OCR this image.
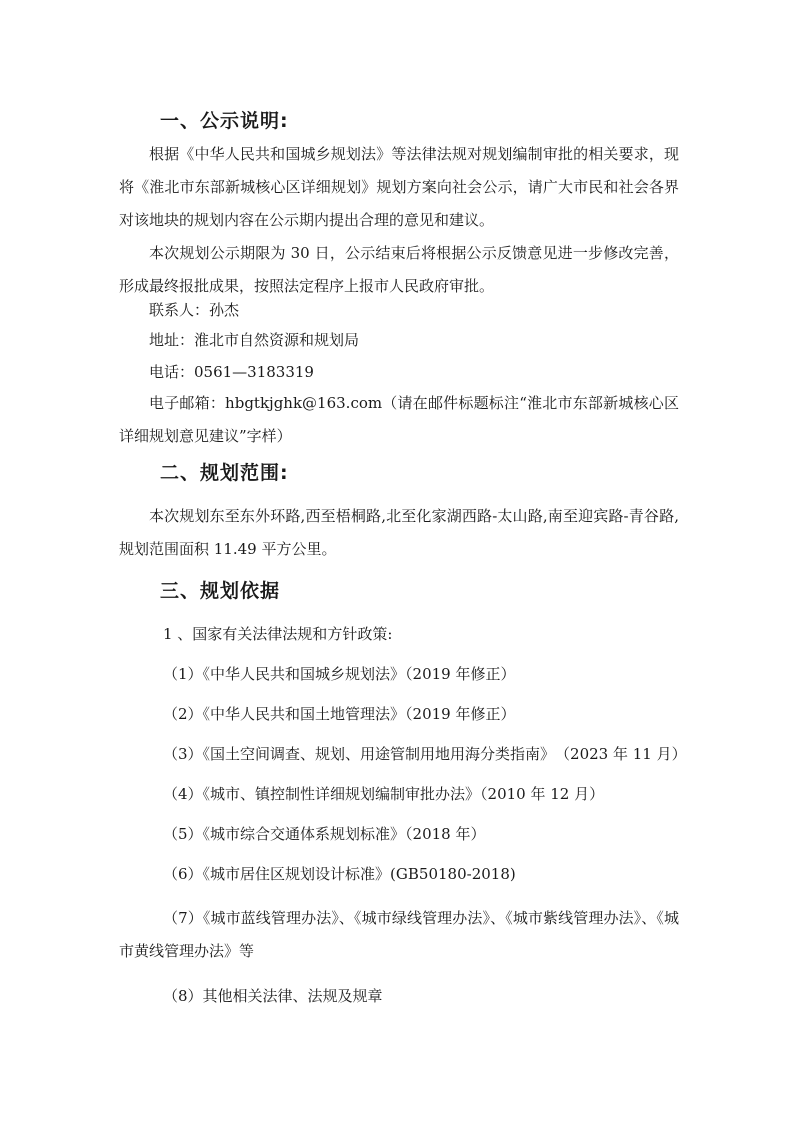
一、公示说明:
根据《中华人民共和国城乡规划法》等法律法规对规划编制审批的相关要求，现将《淮北市东部新城核心区详细规划》规划方案向社会公示，请广大市民和社会各界对该地块的规划内容在公示期内提出合理的意见和建议。
本次规划公示期限为 30 日，公示结束后将根据公示反馈意见进一步修改完善，形成最终报批成果，按照法定程序上报市人民政府审批。
联系人：孙杰
地址：淮北市自然资源和规划局
电话：0561—3183319
电子邮箱：hbgtkjghk@163.com（请在邮件标题标注“淮北市东部新城核心区详细规划意见建议”字样）
二、规划范围:
本次规划东至东外环路,西至梧桐路,北至化家湖西路-太山路,南至迎宾路-青谷路,规划范围面积 11.49 平方公里。
三、规划依据
1 、国家有关法律法规和方针政策:
（1）《中华人民共和国城乡规划法》（2019 年修正）
（2）《中华人民共和国土地管理法》（2019 年修正）
（3）《国土空间调查、规划、用途管制用地用海分类指南》　（2023 年 11 月）
（4）《城市、镇控制性详细规划编制审批办法》（2010 年 12 月）
（5）《城市综合交通体系规划标准》（2018 年）
（6）《城市居住区规划设计标准》(GB50180-2018)
（7）《城市蓝线管理办法》、《城市绿线管理办法》、《城市紫线管理办法》、《城市黄线管理办法》等
（8）其他相关法律、法规及规章
